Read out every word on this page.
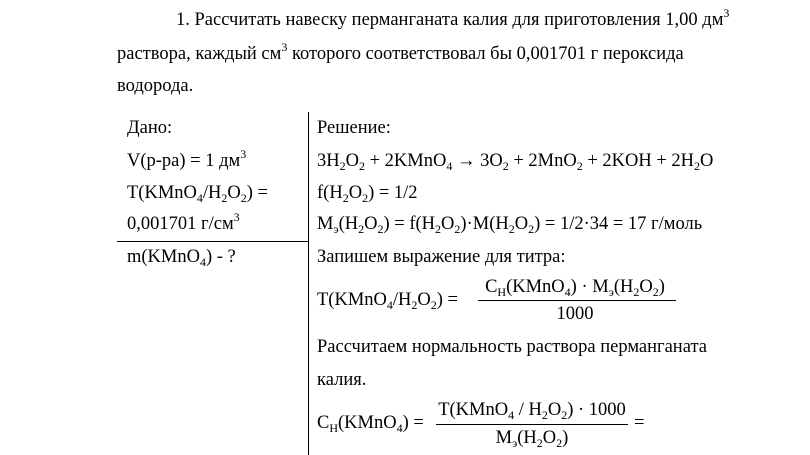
1. Рассчитать навеску перманганата калия для приготовления 1,00 $дм^3$
раствора, каждый $см^3$ которого соответствовал бы 0,001701 г пероксида
водорода.
Дано:
V(р-ра) = 1 $дм^3$
$T(KMnO_4/H_2O_2)$ =
0,001701 $г/см^3$
m(KMnO$_4$) - ?
Решение:
$3H_2O_2$ + 2KMnO$_4$ → $3O_2 + 2MnO_2 + 2KOH + 2H_2O$
$f(H_2O_2) = 1/2$
$M_э(H_2O_2) = f(H_2O_2)\cdot M(H_2O_2) = 1/2\cdot 34 = 17$ г/моль
Запишем выражение для титра:
$T(KMnO_4/H_2O_2)$ =
$C_Н(KMnO_4) \cdot M_э(H_2O_2)$
1000
Рассчитаем нормальность раствора перманганата
калия.
$C_Н(KMnO_4)$ =
T(KMnO$_4$ / $H_2O_2) \cdot 1000$
$M_э(H_2O_2)$
=
